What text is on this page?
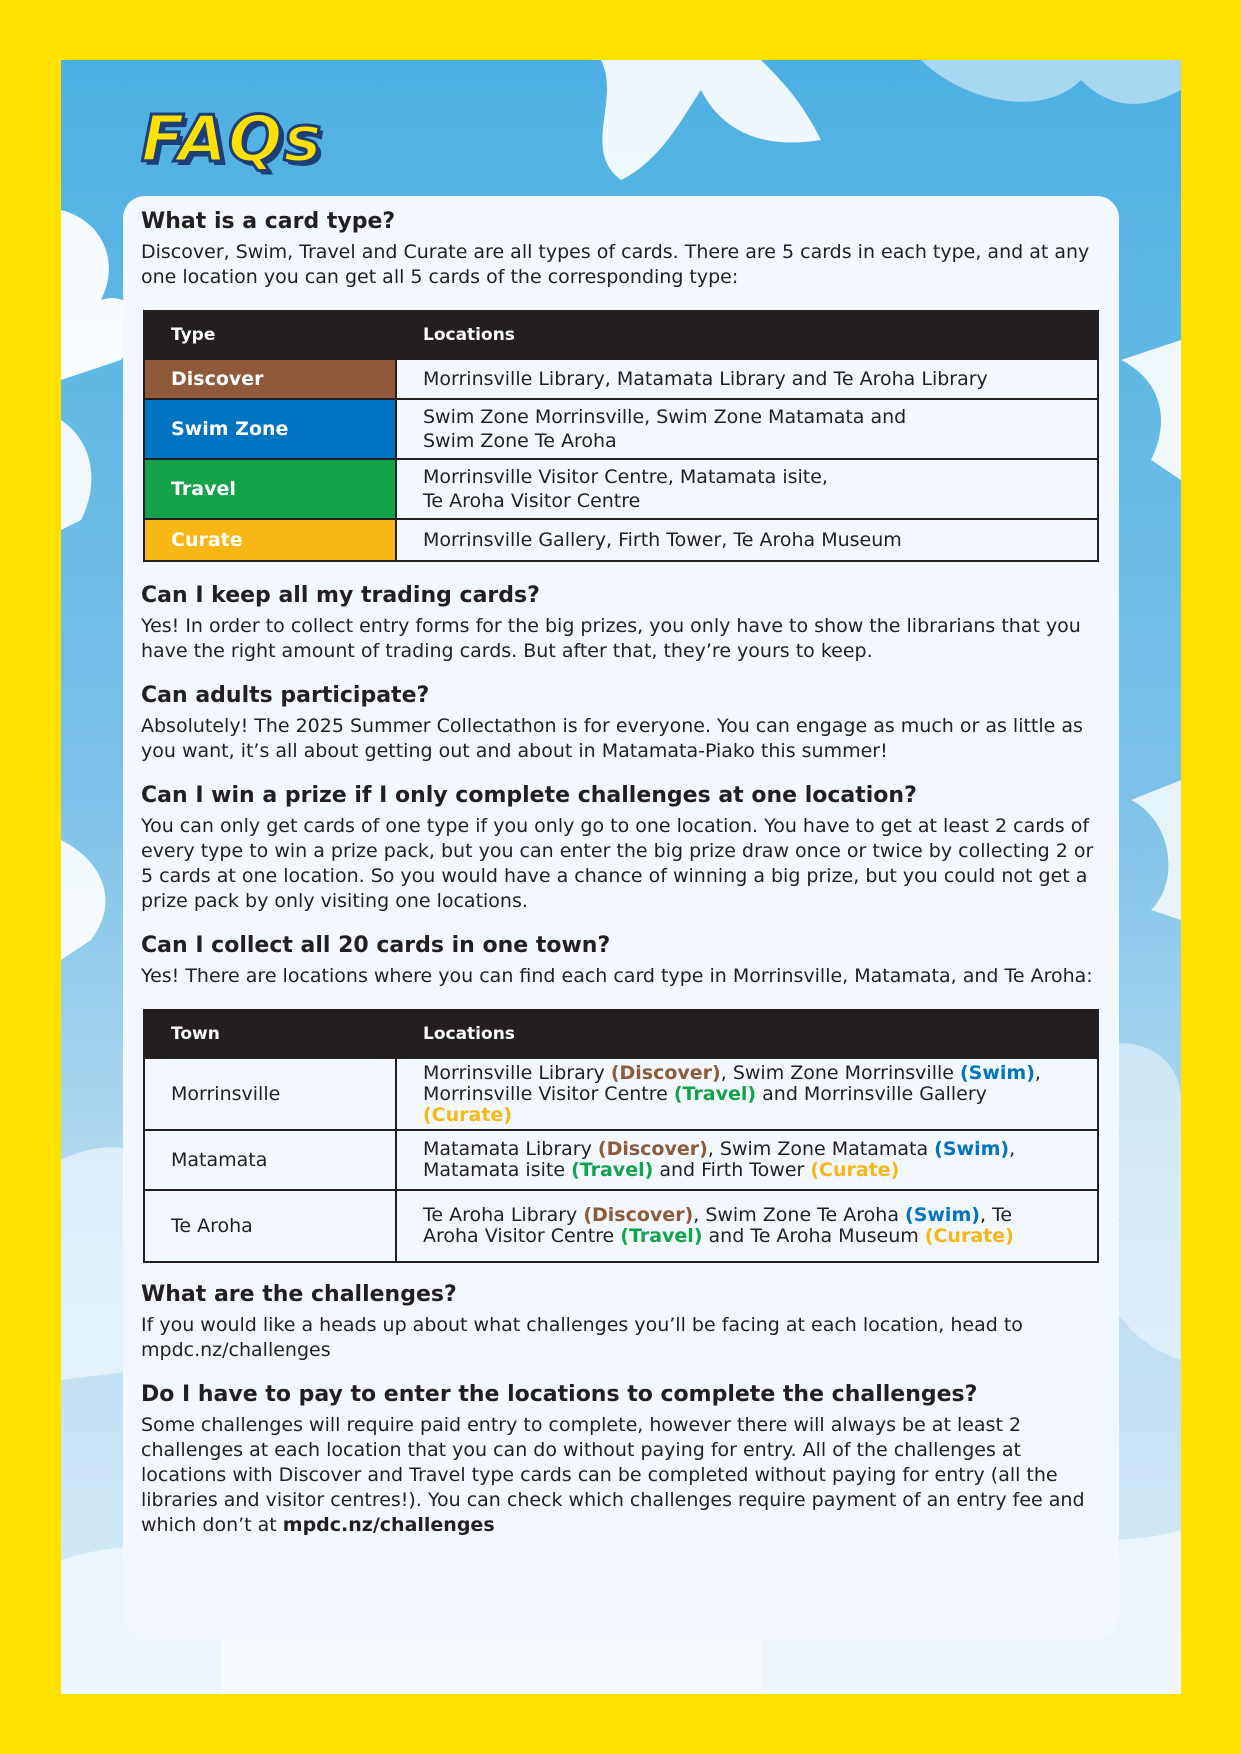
FAQs
What is a card type?

Discover, Swim, Travel and Curate are all types of cards. There are 5 cards in each type, and at any one location you can get all 5 cards of the corresponding type:

Type	Locations
Discover	Morrinsville Library, Matamata Library and Te Aroha Library
Swim Zone	Swim Zone Morrinsville, Swim Zone Matamata and
Swim Zone Te Aroha
Travel	Morrinsville Visitor Centre, Matamata isite,
Te Aroha Visitor Centre
Curate	Morrinsville Gallery, Firth Tower, Te Aroha Museum
Can I keep all my trading cards?

Yes! In order to collect entry forms for the big prizes, you only have to show the librarians that you have the right amount of trading cards. But after that, they’re yours to keep.

Can adults participate?

Absolutely! The 2025 Summer Collectathon is for everyone. You can engage as much or as little as you want, it’s all about getting out and about in Matamata-Piako this summer!

Can I win a prize if I only complete challenges at one location?

You can only get cards of one type if you only go to one location. You have to get at least 2 cards of every type to win a prize pack, but you can enter the big prize draw once or twice by collecting 2 or 5 cards at one location. So you would have a chance of winning a big prize, but you could not get a prize pack by only visiting one locations.

Can I collect all 20 cards in one town?

Yes! There are locations where you can find each card type in Morrinsville, Matamata, and Te Aroha:

Town	Locations
Morrinsville	Morrinsville Library (Discover), Swim Zone Morrinsville (Swim), Morrinsville Visitor Centre (Travel) and Morrinsville Gallery (Curate)
Matamata	Matamata Library (Discover), Swim Zone Matamata (Swim), Matamata isite (Travel) and Firth Tower (Curate)
Te Aroha	Te Aroha Library (Discover), Swim Zone Te Aroha (Swim), Te Aroha Visitor Centre (Travel) and Te Aroha Museum (Curate)
What are the challenges?

If you would like a heads up about what challenges you’ll be facing at each location, head to mpdc.nz/challenges

Do I have to pay to enter the locations to complete the challenges?

Some challenges will require paid entry to complete, however there will always be at least 2 challenges at each location that you can do without paying for entry. All of the challenges at locations with Discover and Travel type cards can be completed without paying for entry (all the libraries and visitor centres!). You can check which challenges require payment of an entry fee and which don’t at mpdc.nz/challenges
